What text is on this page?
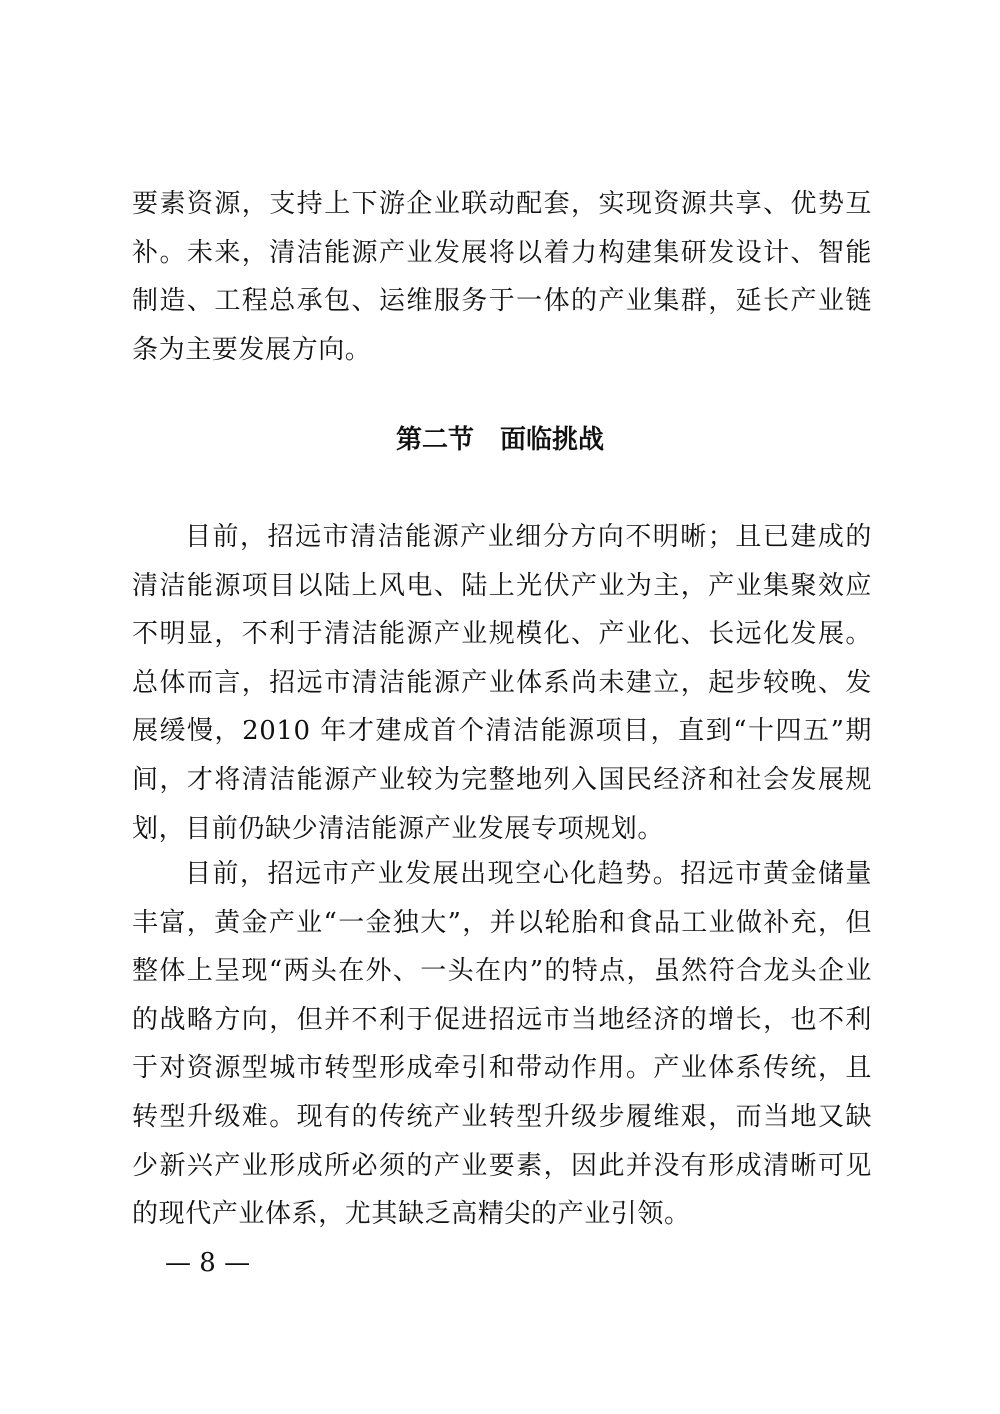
要素资源，支持上下游企业联动配套，实现资源共享、优势互补。未来，清洁能源产业发展将以着力构建集研发设计、智能制造、工程总承包、运维服务于一体的产业集群，延长产业链条为主要发展方向。

第二节　面临挑战

目前，招远市清洁能源产业细分方向不明晰；且已建成的清洁能源项目以陆上风电、陆上光伏产业为主，产业集聚效应不明显，不利于清洁能源产业规模化、产业化、长远化发展。总体而言，招远市清洁能源产业体系尚未建立，起步较晚、发展缓慢，2010 年才建成首个清洁能源项目，直到“十四五”期间，才将清洁能源产业较为完整地列入国民经济和社会发展规划，目前仍缺少清洁能源产业发展专项规划。

目前，招远市产业发展出现空心化趋势。招远市黄金储量丰富，黄金产业“一金独大”，并以轮胎和食品工业做补充，但整体上呈现“两头在外、一头在内”的特点，虽然符合龙头企业的战略方向，但并不利于促进招远市当地经济的增长，也不利于对资源型城市转型形成牵引和带动作用。产业体系传统，且转型升级难。现有的传统产业转型升级步履维艰，而当地又缺少新兴产业形成所必须的产业要素，因此并没有形成清晰可见的现代产业体系，尤其缺乏高精尖的产业引领。

— 8 —
